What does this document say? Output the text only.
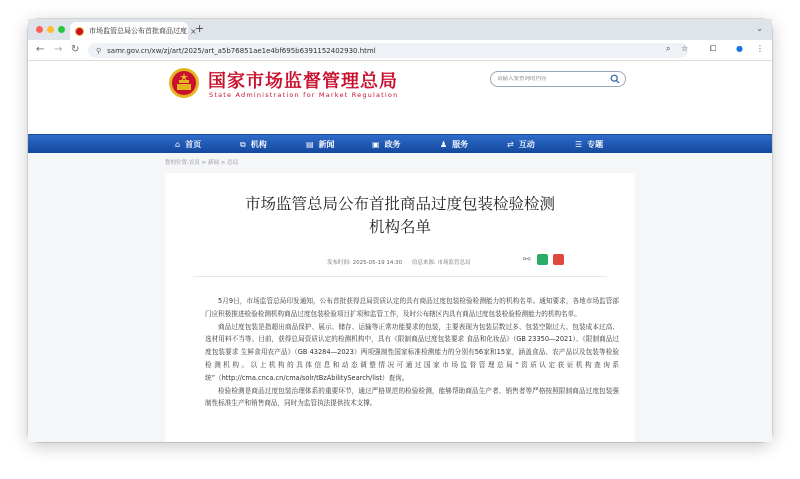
市场监管总局公布首批商品过度 ×
+	⌄
← → ↻ ⚲ samr.gov.cn/xw/zj/art/2025/art_a5b76851ae1e4bf695b6391152402930.html	⌕ ☆	⧠ ● ⋮
国家市场监督管理总局
State Administration for Market Regulation
请输入要查询的内容
⌂ 首页	⧉ 机构	▤ 新闻	▣ 政务	♟ 服务	⇄ 互动	☰ 专题
您的位置:首页 > 新闻 > 总局
市场监管总局公布首批商品过度包装检验检测
机构名单
发布时间: 2025-05-19 14:30 信息来源: 市场监管总局	⚯

5月9日，市场监管总局印发通知，公布首批获得总局资质认定的具有商品过度包装检验检测能力的机构名单。通知要求，各地市场监管部门应积极推进检验检测机构商品过度包装检验项目扩项和监管工作，及时公布辖区内具有商品过度包装检验检测能力的机构名单。

商品过度包装是指超出商品保护、展示、储存、运输等正常功能要求的包装，主要表现为包装层数过多、包装空隙过大、包装成本过高、选材用料不当等。目前，获得总局资质认定的检测机构中，具有《限制商品过度包装要求 食品和化妆品》（GB 23350—2021）、《限制商品过度包装要求 生鲜食用农产品》（GB 43284—2023）两项强制性国家标准检测能力的分别有56家和15家，涵盖食品、农产品以及包装等检验检测机构。以上机构的具体信息和动态调整情况可通过国家市场监督管理总局“资质认定获证机构查询系统”（http://cma.cnca.cn/cma/solr/tBzAbilitySearch/list）查询。

检验检测是商品过度包装治理体系的重要环节，通过严格规范的检验检测，能够帮助商品生产者、销售者等严格按照限制商品过度包装强制性标准生产和销售商品，同时为监管执法提供技术支撑。
